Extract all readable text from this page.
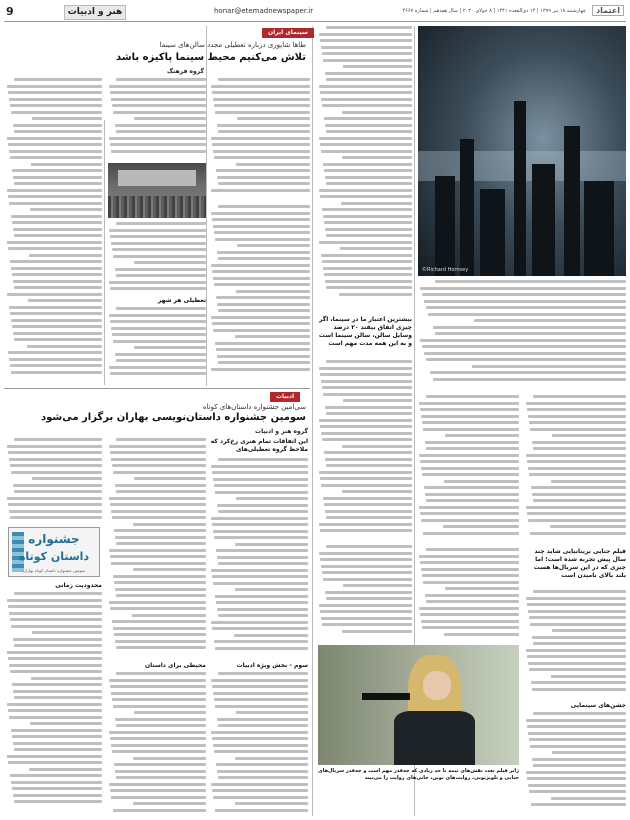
9	هنر و ادبیات	honar@etemadnewspaper.ir	چهارشنبه ۱۸ تیر ۱۳۹۹ | ۱۴ ذی‌القعده ۱۴۴۱ | ۸ جولای ۲۰۲۰ | سال هفدهم | شماره ۴۶۶۷	اعتماد
سینمای ایران
طاها شاپوری درباره تعطیلی مجدد سالن‌های سینما
تلاش می‌کنیم محیط سینما پاکیزه باشد
گروه فرهنگ
تعطیلی هر شهر
ادبیات
سی‌امین جشنواره داستان‌های کوتاه
سومین جشنواره داستان‌نویسی بهاران برگزار می‌شود
گروه هنر و ادبیات
این اتفاقات تمام هنری رخ‌کرد که ملاحظ گروه تعطیلی‌های
سوم - بخش ویژه ادبیات
محیطی برای داستان
جشنواره
داستان کوتاه
سومین جشنواره داستان کوتاه بهاران
محدودیت زمانی
©Richard Hornsey
بیشترین اعتبار ما در سینما، اگر چیزی اتفاق بیفتد ۲۰ درصد وسایل سالن، سالن سینما است و به این همه مدت مهم است
فیلم جنایی بریتانیایی شاید چند سال پیش تجربه شده است؛ اما چیزی که در این سریال‌ها هست بلند بالای نامیدن است
جشن‌های سینمایی
ژانر فیلم تعدد نقش‌های نیمه تا حد زیادی که چه‌قدر مهم است و چه‌قدر سریال‌های جنایی و تلویزیونی، روایت‌های نوین، جانی‌های روایت را می‌بیند
